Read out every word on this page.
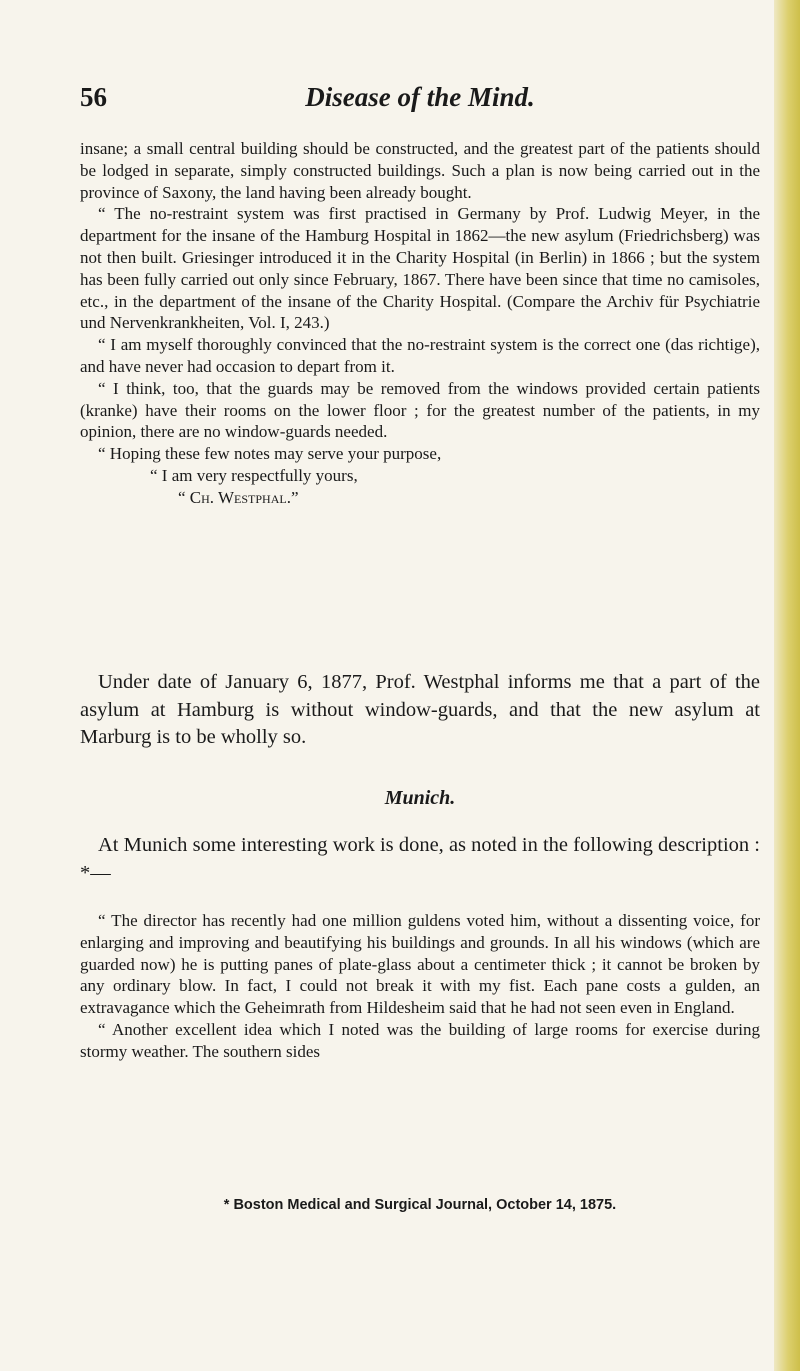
56	Disease of the Mind.

insane; a small central building should be constructed, and the greatest part of the patients should be lodged in separate, simply constructed buildings. Such a plan is now being carried out in the province of Saxony, the land having been already bought.

“ The no-restraint system was first practised in Germany by Prof. Ludwig Meyer, in the department for the insane of the Hamburg Hospital in 1862—the new asylum (Friedrichsberg) was not then built. Griesinger introduced it in the Charity Hospital (in Berlin) in 1866 ; but the system has been fully carried out only since February, 1867. There have been since that time no camisoles, etc., in the department of the insane of the Charity Hospital. (Compare the Archiv für Psychiatrie und Nervenkrankheiten, Vol. I, 243.)

“ I am myself thoroughly convinced that the no-restraint system is the correct one (das richtige), and have never had occasion to depart from it.

“ I think, too, that the guards may be removed from the windows provided certain patients (kranke) have their rooms on the lower floor ; for the greatest number of the patients, in my opinion, there are no window-guards needed.

“ Hoping these few notes may serve your purpose,

“ I am very respectfully yours,

“ Ch. Westphal.”

Under date of January 6, 1877, Prof. Westphal informs me that a part of the asylum at Hamburg is without window-guards, and that the new asylum at Marburg is to be wholly so.

Munich.

At Munich some interesting work is done, as noted in the following description : *—

“ The director has recently had one million guldens voted him, without a dissenting voice, for enlarging and improving and beautifying his buildings and grounds. In all his windows (which are guarded now) he is putting panes of plate-glass about a centimeter thick ; it cannot be broken by any ordinary blow. In fact, I could not break it with my fist. Each pane costs a gulden, an extravagance which the Geheimrath from Hildesheim said that he had not seen even in England.

“ Another excellent idea which I noted was the building of large rooms for exercise during stormy weather. The southern sides

* Boston Medical and Surgical Journal, October 14, 1875.
